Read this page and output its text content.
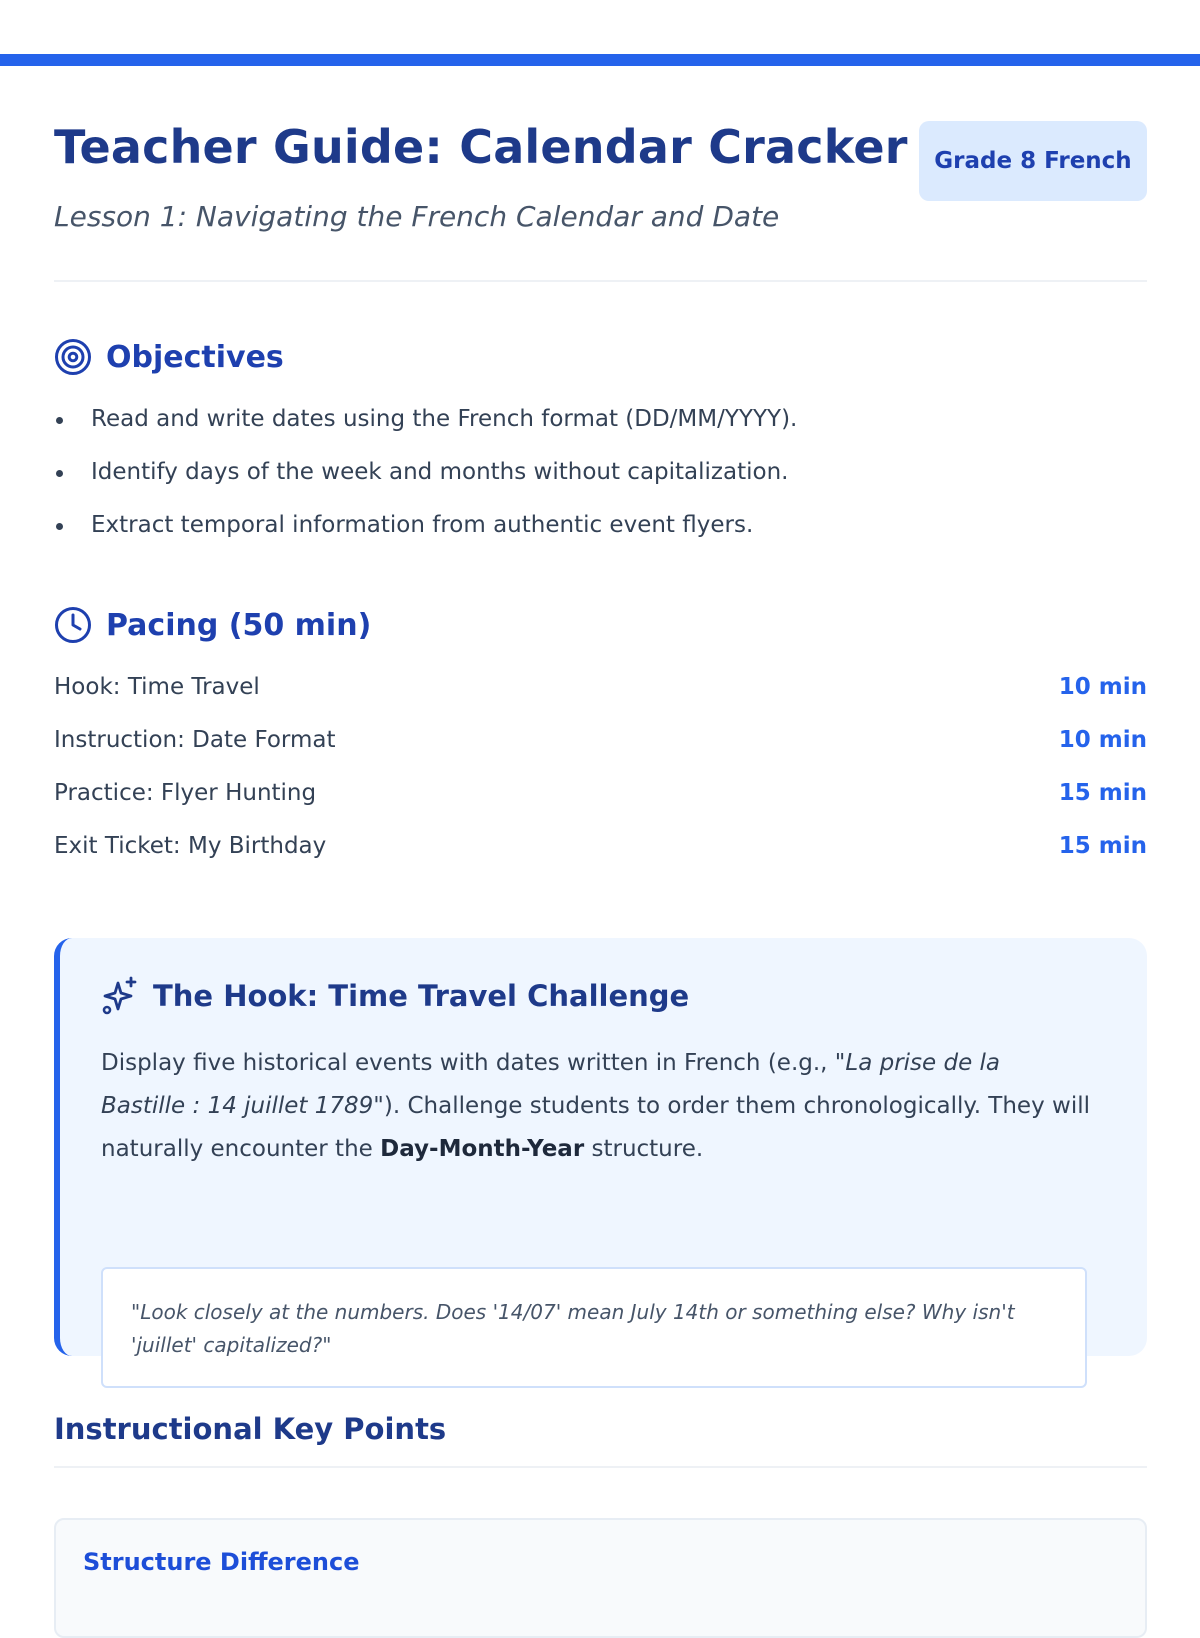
Teacher Guide: Calendar Cracker
Lesson 1: Navigating the French Calendar and Date
Grade 8 French
Objectives
Read and write dates using the French format (DD/MM/YYYY).
Identify days of the week and months without capitalization.
Extract temporal information from authentic event flyers.
Pacing (50 min)
Hook: Time Travel	10 min
Instruction: Date Format	10 min
Practice: Flyer Hunting	15 min
Exit Ticket: My Birthday	15 min
The Hook: Time Travel Challenge

Display five historical events with dates written in French (e.g., "La prise de la Bastille : 14 juillet 1789"). Challenge students to order them chronologically. They will naturally encounter the Day-Month-Year structure.

"Look closely at the numbers. Does '14/07' mean July 14th or something else? Why isn't 'juillet' capitalized?"
Instructional Key Points
Structure Difference
